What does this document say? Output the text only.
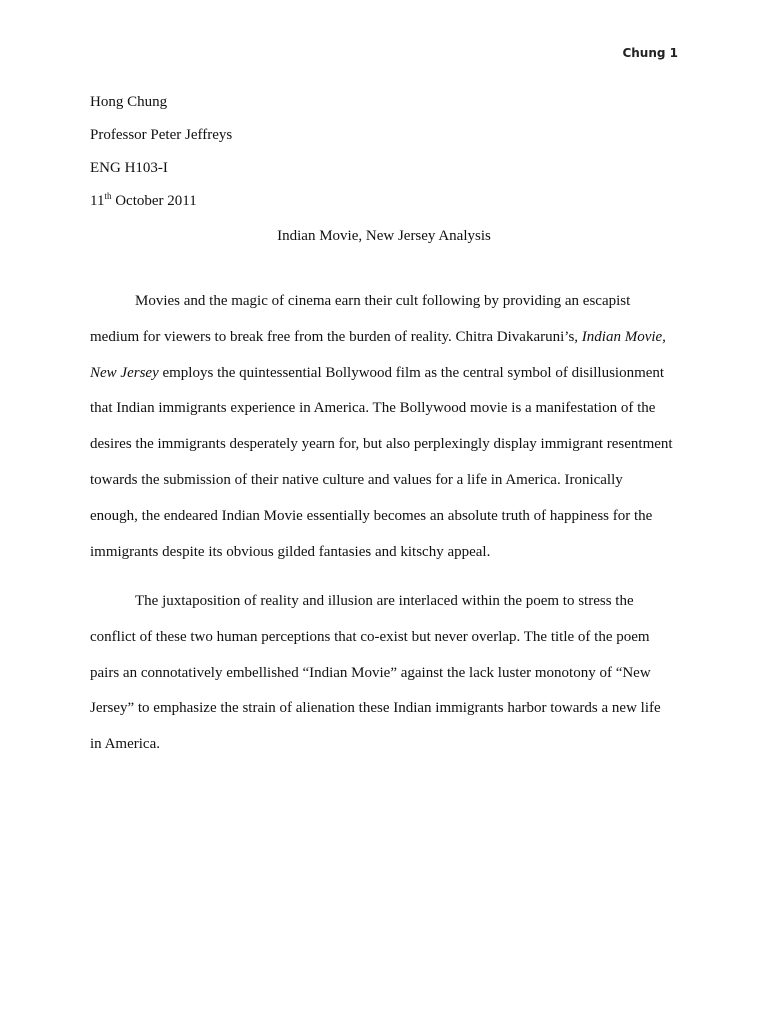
Chung 1
Hong Chung
Professor Peter Jeffreys
ENG H103-I
11th October 2011
Indian Movie, New Jersey Analysis
Movies and the magic of cinema earn their cult following by providing an escapist
medium for viewers to break free from the burden of reality. Chitra Divakaruni’s, Indian Movie,
New Jersey employs the quintessential Bollywood film as the central symbol of disillusionment
that Indian immigrants experience in America. The Bollywood movie is a manifestation of the
desires the immigrants desperately yearn for, but also perplexingly display immigrant resentment
towards the submission of their native culture and values for a life in America. Ironically
enough, the endeared Indian Movie essentially becomes an absolute truth of happiness for the
immigrants despite its obvious gilded fantasies and kitschy appeal.
The juxtaposition of reality and illusion are interlaced within the poem to stress the
conflict of these two human perceptions that co-exist but never overlap. The title of the poem
pairs an connotatively embellished “Indian Movie” against the lack luster monotony of “New
Jersey” to emphasize the strain of alienation these Indian immigrants harbor towards a new life
in America.
